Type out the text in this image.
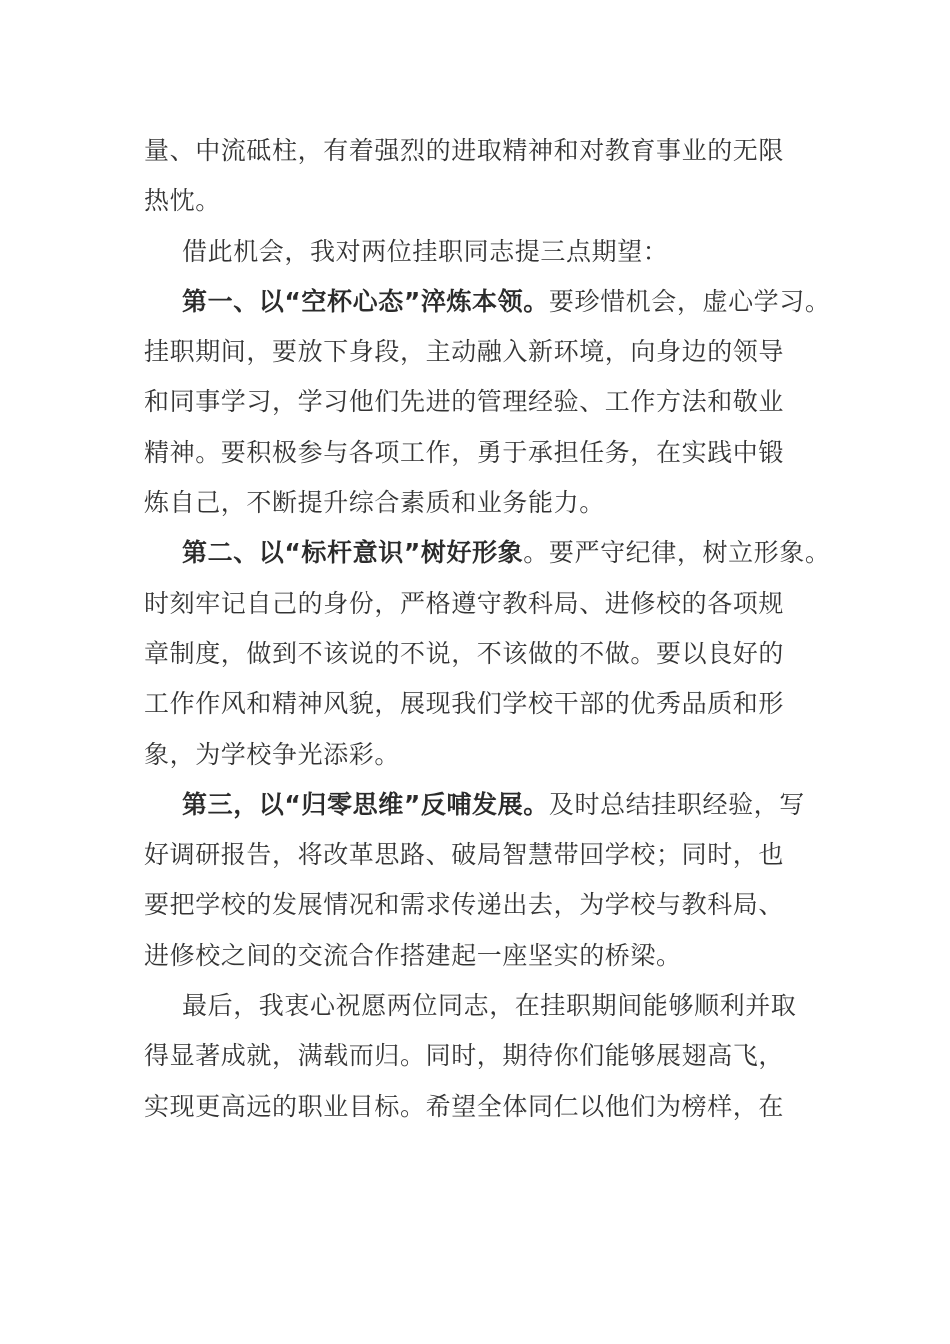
量、中流砥柱，有着强烈的进取精神和对教育事业的无限
热忱。
借此机会，我对两位挂职同志提三点期望：
第一、以“空杯心态”淬炼本领。要珍惜机会，虚心学习。
挂职期间，要放下身段，主动融入新环境，向身边的领导
和同事学习，学习他们先进的管理经验、工作方法和敬业
精神。要积极参与各项工作，勇于承担任务，在实践中锻
炼自己，不断提升综合素质和业务能力。
第二、以“标杆意识”树好形象。要严守纪律，树立形象。
时刻牢记自己的身份，严格遵守教科局、进修校的各项规
章制度，做到不该说的不说，不该做的不做。要以良好的
工作作风和精神风貌，展现我们学校干部的优秀品质和形
象，为学校争光添彩。
第三，以“归零思维”反哺发展。及时总结挂职经验，写
好调研报告，将改革思路、破局智慧带回学校；同时，也
要把学校的发展情况和需求传递出去，为学校与教科局、
进修校之间的交流合作搭建起一座坚实的桥梁。
最后，我衷心祝愿两位同志，在挂职期间能够顺利并取
得显著成就，满载而归。同时，期待你们能够展翅高飞，
实现更高远的职业目标。希望全体同仁以他们为榜样，在
